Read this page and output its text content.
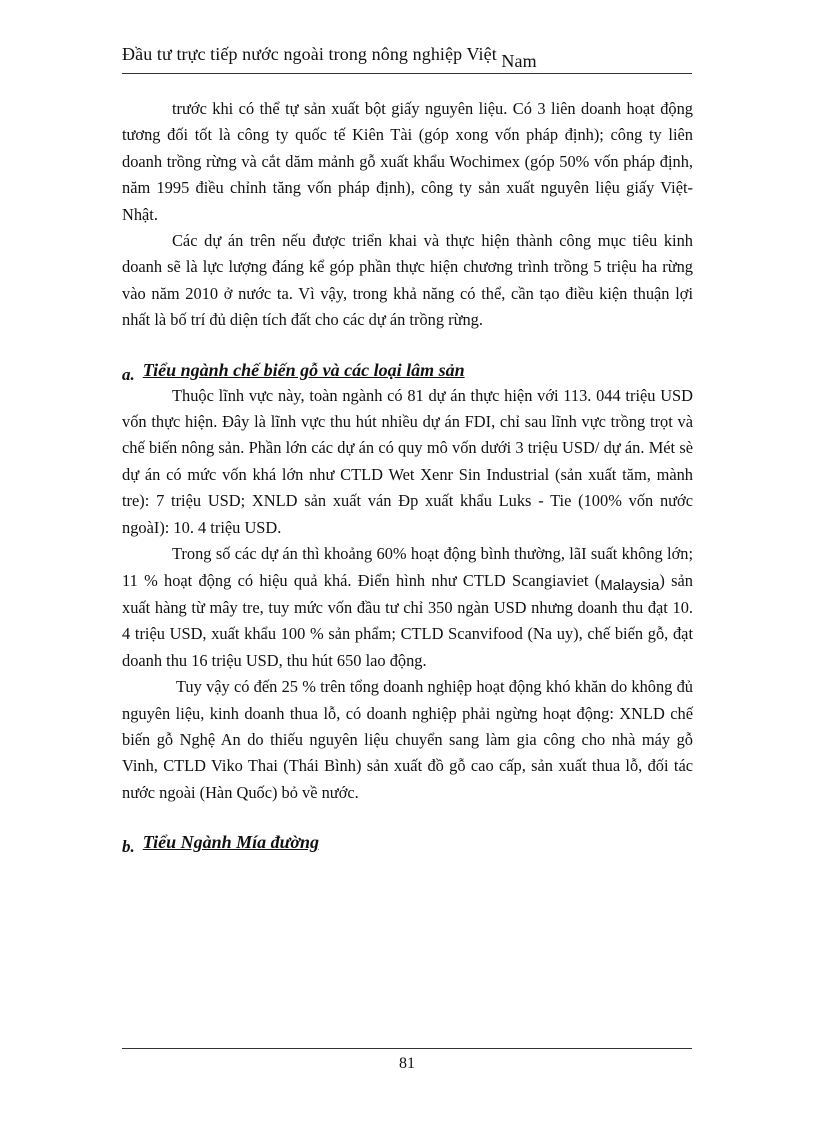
Đầu tư trực tiếp nước ngoài trong nông nghiệp Việt Nam

trước khi có thể tự sản xuất bột giấy nguyên liệu. Có 3 liên doanh hoạt động tương đối tốt là công ty quốc tế Kiên Tài (góp xong vốn pháp định); công ty liên doanh trồng rừng và cắt dăm mảnh gỗ xuất khẩu Wochimex (góp 50% vốn pháp định, năm 1995 điều chỉnh tăng vốn pháp định), công ty sản xuất nguyên liệu giấy Việt-Nhật.

Các dự án trên nếu được triển khai và thực hiện thành công mục tiêu kinh doanh sẽ là lực lượng đáng kể góp phần thực hiện chương trình trồng 5 triệu ha rừng vào năm 2010 ở nước ta. Vì vậy, trong khả năng có thể, cần tạo điều kiện thuận lợi nhất là bố trí đủ diện tích đất cho các dự án trồng rừng.

a. Tiểu ngành chế biến gỗ và các loại lâm sản

Thuộc lĩnh vực này, toàn ngành có 81 dự án thực hiện với 113. 044 triệu USD vốn thực hiện. Đây là lĩnh vực thu hút nhiều dự án FDI, chỉ sau lĩnh vực trồng trọt và chế biến nông sản. Phần lớn các dự án có quy mô vốn dưới 3 triệu USD/ dự án. Mét sè dự án có mức vốn khá lớn như CTLD Wet Xenr Sin Industrial (sản xuất tăm, mành tre): 7 triệu USD; XNLD sản xuất ván Đp xuất khẩu Luks - Tie (100% vốn nước ngoàI): 10. 4 triệu USD.

Trong số các dự án thì khoảng 60% hoạt động bình thường, lãI suất không lớn; 11 % hoạt động có hiệu quả khá. Điển hình như CTLD Scangiaviet (Malaysia) sản xuất hàng từ mây tre, tuy mức vốn đầu tư chỉ 350 ngàn USD nhưng doanh thu đạt 10. 4 triệu USD, xuất khẩu 100 % sản phẩm; CTLD Scanvifood (Na uy), chế biến gỗ, đạt doanh thu 16 triệu USD, thu hút 650 lao động.

Tuy vậy có đến 25 % trên tổng doanh nghiệp hoạt động khó khăn do không đủ nguyên liệu, kinh doanh thua lỗ, có doanh nghiệp phải ngừng hoạt động: XNLD chế biến gỗ Nghệ An do thiếu nguyên liệu chuyển sang làm gia công cho nhà máy gỗ Vinh, CTLD Viko Thai (Thái Bình) sản xuất đồ gỗ cao cấp, sản xuất thua lỗ, đối tác nước ngoài (Hàn Quốc) bỏ về nước.

b. Tiểu Ngành Mía đường

81
